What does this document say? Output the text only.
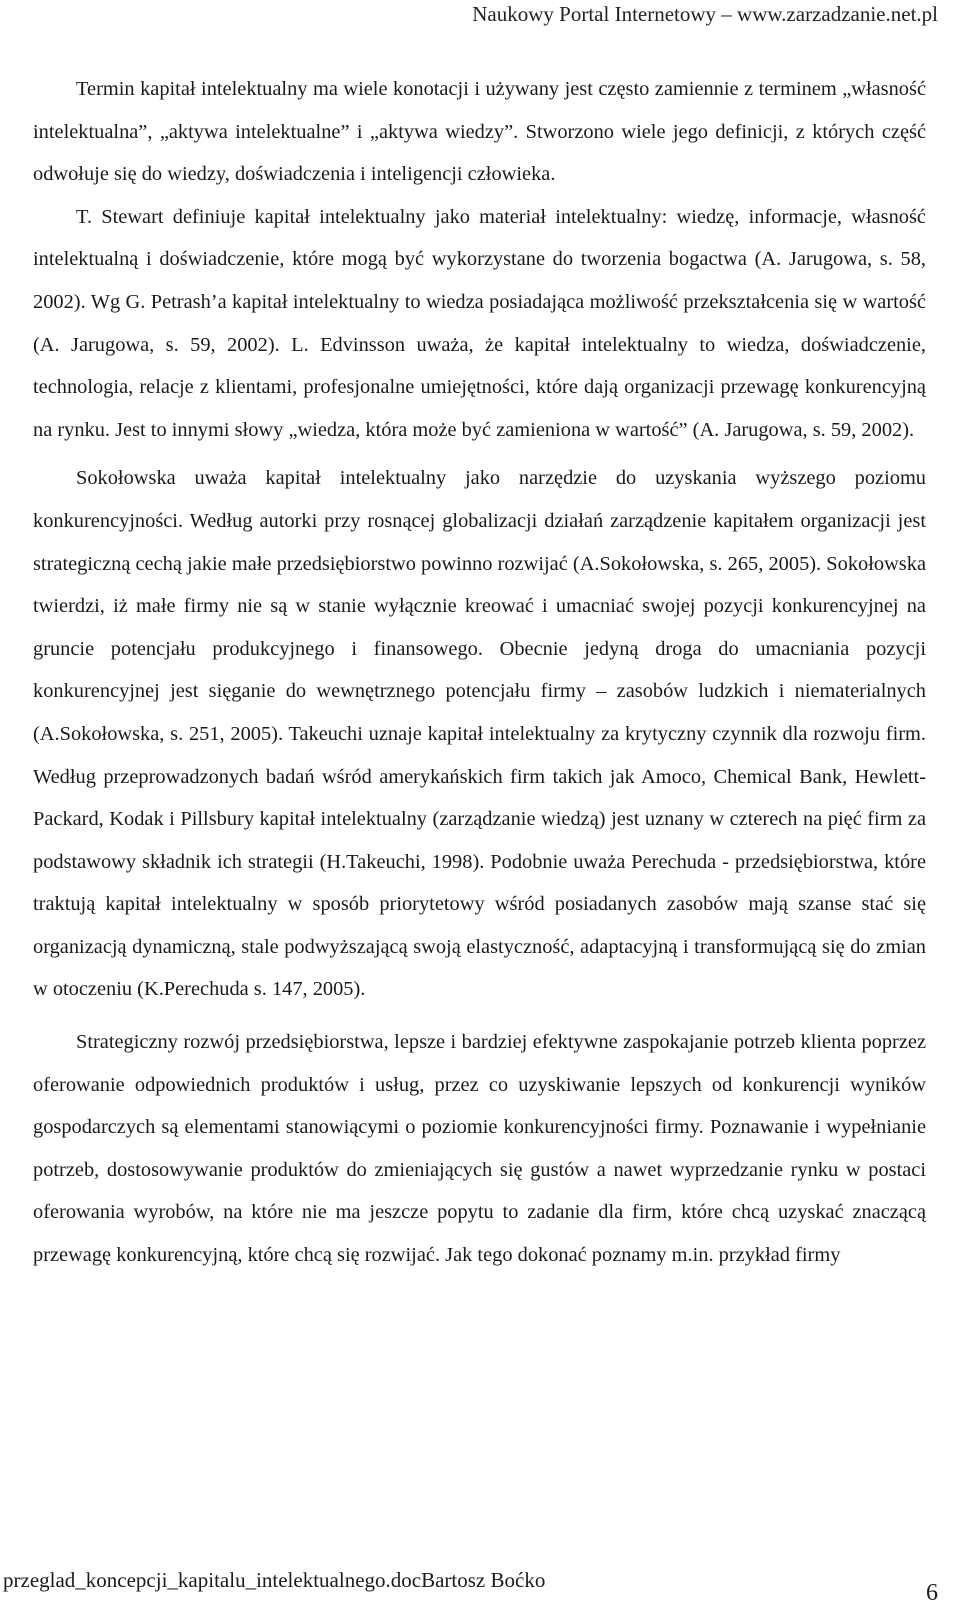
Naukowy Portal Internetowy – www.zarzadzanie.net.pl

Termin kapitał intelektualny ma wiele konotacji i używany jest często zamiennie z terminem „własność intelektualna”, „aktywa intelektualne” i „aktywa wiedzy”. Stworzono wiele jego definicji, z których część odwołuje się do wiedzy, doświadczenia i inteligencji człowieka.

T. Stewart definiuje kapitał intelektualny jako materiał intelektualny: wiedzę, informacje, własność intelektualną i doświadczenie, które mogą być wykorzystane do tworzenia bogactwa (A. Jarugowa, s. 58, 2002). Wg G. Petrash’a kapitał intelektualny to wiedza posiadająca możliwość przekształcenia się w wartość (A. Jarugowa, s. 59, 2002). L. Edvinsson uważa, że kapitał intelektualny to wiedza, doświadczenie, technologia, relacje z klientami, profesjonalne umiejętności, które dają organizacji przewagę konkurencyjną na rynku. Jest to innymi słowy „wiedza, która może być zamieniona w wartość” (A. Jarugowa, s. 59, 2002).

Sokołowska uważa kapitał intelektualny jako narzędzie do uzyskania wyższego poziomu konkurencyjności. Według autorki przy rosnącej globalizacji działań zarządzenie kapitałem organizacji jest strategiczną cechą jakie małe przedsiębiorstwo powinno rozwijać (A.Sokołowska, s. 265, 2005). Sokołowska twierdzi, iż małe firmy nie są w stanie wyłącznie kreować i umacniać swojej pozycji konkurencyjnej na gruncie potencjału produkcyjnego i finansowego. Obecnie jedyną droga do umacniania pozycji konkurencyjnej jest sięganie do wewnętrznego potencjału firmy – zasobów ludzkich i niematerialnych (A.Sokołowska, s. 251, 2005). Takeuchi uznaje kapitał intelektualny za krytyczny czynnik dla rozwoju firm. Według przeprowadzonych badań wśród amerykańskich firm takich jak Amoco, Chemical Bank, Hewlett-Packard, Kodak i Pillsbury kapitał intelektualny (zarządzanie wiedzą) jest uznany w czterech na pięć firm za podstawowy składnik ich strategii (H.Takeuchi, 1998). Podobnie uważa Perechuda - przedsiębiorstwa, które traktują kapitał intelektualny w sposób priorytetowy wśród posiadanych zasobów mają szanse stać się organizacją dynamiczną, stale podwyższającą swoją elastyczność, adaptacyjną i transformującą się do zmian w otoczeniu (K.Perechuda s. 147, 2005).

Strategiczny rozwój przedsiębiorstwa, lepsze i bardziej efektywne zaspokajanie potrzeb klienta poprzez oferowanie odpowiednich produktów i usług, przez co uzyskiwanie lepszych od konkurencji wyników gospodarczych są elementami stanowiącymi o poziomie konkurencyjności firmy. Poznawanie i wypełnianie potrzeb, dostosowywanie produktów do zmieniających się gustów a nawet wyprzedzanie rynku w postaci oferowania wyrobów, na które nie ma jeszcze popytu to zadanie dla firm, które chcą uzyskać znaczącą przewagę konkurencyjną, które chcą się rozwijać. Jak tego dokonać poznamy m.in. przykład firmy

przeglad_koncepcji_kapitalu_intelektualnego.docBartosz Boćko	6
